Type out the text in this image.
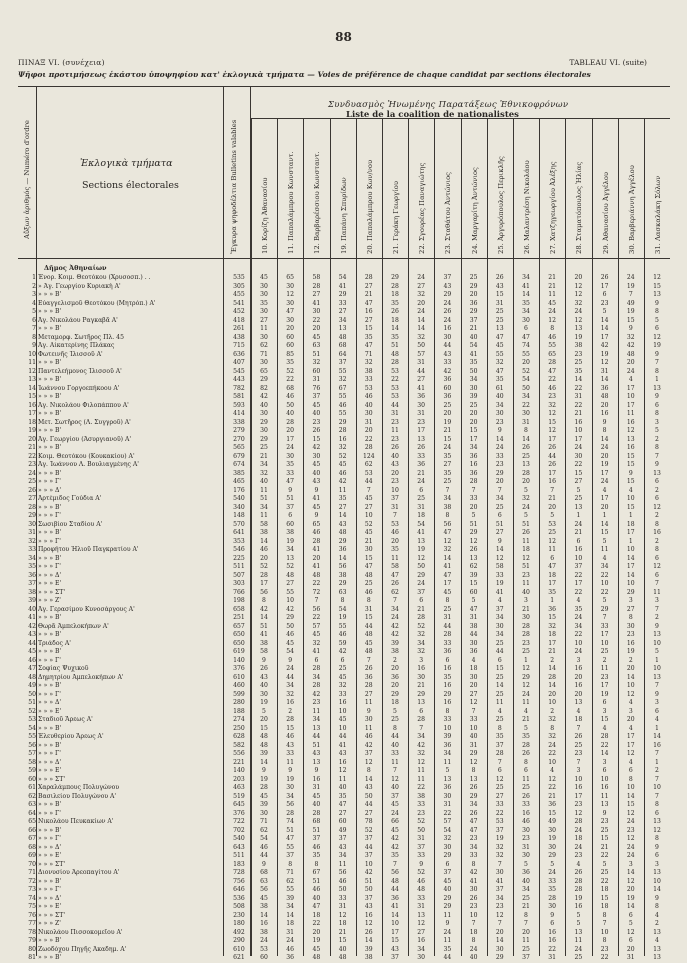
88
ΠΙΝΑΞ VI. (συνέχεια)	TABLEAU VI. (suite)
Ψῆφοι προτιμήσεως ἑκάστου ὑποψηφίου κατ' ἐκλογικὰ τμήματα — Voies de préférence de chaque candidat par sections électorales
Αὔξων ἀριθμός — Numéro d'ordre	Ἐκλογικὰ τμήματα
Sections électorales	Ἔγκυρα ψηφοδέλτια Bulletins valables
Συνδυασμὸς Ἡνωμένης Παρατάξεως Ἐθνικοφρόνων
Liste de la coalition de nationalistes
10. Κορίζη Ἀθανασίου	11. Παπαλάμπρου Κωνσταντ.	12. Βαρβαρέσσιου Κωνσταντ.	19. Παπάνη Σπυρίδων	20. Παπαλάμπρου Κων/νου	21. Γεράκη Γεωργίου	22. Σγουρέας Παναγιώτης	23. Σταθάτου Ἀντώνιος	24. Μαργαρίτη Ἀντώνιος	25. Ἀργυρόπουλος Περικλῆς	26. Μαλαντρέση Νικολάου	27. Χατζηγεωργίου Ἀλέξης	28. Σταματόπουλος Ἠλίας	29. Ἀθανασίου Ἀγγέλου	30. Βαρβεριάννη Ἀγγέλου	31. Λασκαλάκη Σόλων
Δῆμος Ἀθηναίων
1 Ἐνορ. Κοιμ. Θεοτόκου (Χρυσοσπ.) . .	535	45	65	58	54	28	29	24	37	25	26	34	21	20	26	24	12
2 » Ἀγ. Γεωργίου Κυριακὴ Α'	305	30	30	28	41	27	28	27	43	29	43	41	21	12	17	19	15
3 » » » Β'	455	30	12	27	29	21	18	32	29	20	15	14	11	12	6	7	13
4 Εὐαγγελισμοῦ Θεοτόκου (Μητρόπ.) Α'	541	35	30	41	33	47	35	20	24	36	31	35	45	32	23	49	9
5 » » » Β'	452	30	47	30	27	16	26	24	26	29	25	34	24	24	5	19	8
6 Ἀγ. Νικολάου Ραγκαβᾶ Α'	418	27	30	22	34	27	18	14	24	37	25	30	12	12	14	15	5
7 » » » Β'	261	11	20	20	13	15	14	14	16	21	13	6	8	13	14	9	6
8 Μεταμορφ. Σωτῆρος Πλ. 45	438	30	60	45	48	35	35	32	30	40	47	47	46	19	17	32	12
9 Ἀγ. Αἰκατερίνης Πλάκας	715	62	60	63	68	47	51	50	44	54	45	74	55	38	42	42	19
10 Φωτεινῆς Ἰλισσοῦ Α'	636	71	85	51	64	71	48	57	43	41	55	55	65	23	19	48	9
11 » » » Β'	407	30	35	32	37	32	28	31	33	35	32	20	28	25	12	20	7
12 Παντελεήμονος Ἰλισσοῦ Α'	545	65	52	60	55	38	53	44	42	50	47	52	47	35	31	24	8
13 » » » Β'	443	29	22	31	32	33	22	27	36	34	35	54	22	14	14	4	1
14 Ἰωάννου Γοργοεπήκοου Α'	782	82	68	76	67	53	53	41	60	30	61	50	46	22	36	17	13
15 » » » Β'	581	42	46	37	55	46	53	36	36	39	40	34	23	31	48	10	9
16 Ἀγ. Νικολάου Φιλοπάππου Α'	593	40	50	45	46	40	44	30	25	25	34	22	32	22	20	17	6
17 » » » Β'	414	30	40	40	55	30	31	31	20	20	30	30	12	21	16	11	8
18 Μετ. Σωτῆρος (Λ. Συγγροῦ) Α'	338	29	28	23	29	31	23	23	19	20	23	31	15	16	9	16	3
19 » » » Β'	279	30	20	26	28	20	11	17	21	15	9	8	12	10	8	12	5
20 Ἀγ. Γεωργίου (Ἀσυργιανοῦ) Α'	270	29	17	15	16	22	23	13	15	17	14	14	17	17	14	13	2
21 » » » Β'	565	25	24	42	32	28	26	26	24	34	24	26	26	24	24	16	8
22 Κοιμ. Θεοτόκου (Κουκακίου) Α'	679	21	30	30	52	124	40	33	35	36	33	25	44	30	20	15	7
23 Ἀγ. Ἰωάννου Λ. Βουλιαγμένης Α'	674	34	35	45	45	62	43	36	27	16	23	13	26	22	19	15	9
24 » » » Β'	385	32	33	40	46	53	20	21	35	36	29	28	17	15	17	9	13
25 » » » Γ'	465	40	47	43	42	44	23	24	25	28	20	20	16	27	24	15	6
26 » » » Δ'	176	11	9	9	11	7	10	6	7	7	7	5	7	5	4	4	2
27 Ἀρτέμιδος Γούδια Α'	540	51	51	41	35	45	37	25	34	33	34	32	21	25	17	10	6
28 » » » Β'	340	34	37	45	27	27	31	31	38	20	25	24	20	13	20	15	12
29 » » » Γ'	148	11	6	9	14	10	7	18	8	5	6	5	5	1	1	1	2
30 Σωσιβίου Σταδίου Α'	570	58	60	65	43	52	53	54	56	51	51	51	53	24	14	18	8
31 » » » Β'	641	38	38	46	48	45	46	41	47	29	27	26	25	21	15	17	16
32 » » » Γ'	353	14	19	28	29	21	20	13	12	12	9	11	12	6	5	1	2
33 Προφήτου Ἠλιοῦ Παγκρατίου Α'	546	46	34	41	36	30	35	19	32	26	14	18	11	16	11	10	8
34 » » » Β'	225	20	13	20	14	15	11	12	14	13	12	12	6	10	4	14	6
35 » » » Γ'	511	52	52	41	56	47	58	50	41	62	58	51	47	37	34	17	12
36 » » » Δ'	507	28	48	48	38	48	47	29	47	39	33	23	18	22	22	14	6
37 » » » Ε'	303	17	27	22	29	25	26	24	17	15	19	11	17	17	10	10	7
38 » » » ΣΤ'	766	56	55	72	63	46	62	37	45	60	41	40	35	22	22	29	11
39 » » » Ζ'	198	8	10	7	8	8	7	6	8	5	4	3	1	4	5	3	3
40 Ἀγ. Γερασίμου Κυνοσάργους Α'	658	42	42	56	54	31	34	21	25	47	37	21	36	35	29	27	7
41 » » » Β'	251	14	29	22	19	15	24	28	31	31	34	30	15	24	7	8	2
42 Θωρᾶ Ἀμπελοκήπων Α'	657	51	50	57	55	44	42	52	44	38	30	28	32	34	33	30	9
43 » » » Β'	650	41	46	45	46	48	42	32	28	44	34	28	18	22	17	23	13
44 Τριάδος Α'	650	38	45	32	59	45	39	34	33	30	25	23	17	10	10	16	10
45 » » » Β'	619	58	54	41	42	48	38	32	36	36	44	25	21	24	25	19	5
46 » » » Γ'	140	9	9	6	6	7	2	3	6	4	6	1	2	3	2	2	1
47 Σοφίας Ψυχικοῦ	376	26	24	28	25	26	20	16	16	18	15	12	14	16	11	20	10
48 Δημητρίου Ἀμπελοκήπων Α'	610	43	44	34	45	36	36	30	35	30	25	29	28	20	23	14	13
49 » » » Β'	460	40	34	28	32	28	20	21	16	20	14	12	14	16	17	10	7
50 » » » Γ'	599	30	32	42	33	27	29	29	29	27	25	24	20	20	19	12	9
51 » » » Δ'	280	19	16	23	16	11	18	13	16	12	11	11	10	13	6	4	3
52 » » » Ε'	188	5	2	11	10	9	5	6	8	7	4	4	2	4	3	3	6
53 Σταδιοῦ Ἄρεως Α'	274	20	28	34	45	30	25	28	33	33	25	21	32	18	15	20	4
54 » » » Β'	250	15	15	13	10	11	8	7	10	10	8	5	8	7	4	4	1
55 Ἐλευθερίου Ἄρεως Α'	628	48	46	44	44	46	44	34	39	40	35	35	32	26	28	17	14
56 » » » Β'	582	48	43	51	41	42	40	42	36	31	37	28	24	25	22	17	16
57 » » » Γ'	556	39	33	43	43	37	33	32	34	29	28	26	22	23	14	12	7
58 » » » Δ'	221	14	11	13	16	12	11	12	11	12	7	8	10	7	3	4	1
59 » » » Ε'	140	9	9	9	12	8	7	11	5	8	6	6	4	3	6	6	2
60 » » » ΣΤ'	203	19	19	16	11	14	12	11	13	13	12	11	12	10	10	8	7
61 Χαραλάμπους Πολυγώνου	463	28	30	31	40	43	40	22	36	26	25	25	22	16	16	10	10
62 Βασιλείου Πολυγώνου Α'	519	45	34	45	35	50	37	38	30	29	27	26	21	17	11	14	7
63 » » » Β'	645	39	56	40	47	44	45	33	31	34	33	33	36	23	13	15	8
64 » » » Γ'	376	30	28	28	27	27	24	23	22	26	22	16	15	12	9	12	6
65 Νικολάου Πευκακίων Α'	722	71	74	68	60	78	66	52	57	47	53	46	49	28	23	24	13
66 » » » Β'	702	62	51	51	49	52	45	50	54	47	37	30	30	24	25	23	12
67 » » » Γ'	540	54	47	37	37	37	42	31	32	23	19	23	19	18	15	12	8
68 » » » Δ'	643	46	55	46	43	44	42	37	30	34	32	31	30	24	21	24	9
69 » » » Ε'	511	44	37	35	34	37	35	33	29	33	32	30	29	23	22	24	6
70 » » » ΣΤ'	183	9	8	8	11	10	7	9	6	8	7	5	5	4	5	3	3
71 Διονυσίου Ἀρεοπαγίτου Α'	728	68	71	67	56	42	56	52	37	42	30	36	24	26	25	14	13
72 » » » Β'	756	63	62	51	46	51	48	46	45	41	41	40	33	28	22	12	10
73 » » » Γ'	646	56	55	46	50	50	44	48	40	30	37	34	35	28	18	20	14
74 » » » Δ'	536	45	39	40	33	37	36	33	29	26	34	25	28	19	15	19	9
75 » » » Ε'	508	38	34	47	31	43	41	31	29	23	23	21	30	16	18	14	8
76 » » » ΣΤ'	230	14	14	18	12	16	14	13	11	10	12	8	9	5	8	6	4
77 » » » Ζ'	180	16	18	22	18	12	10	12	9	7	7	7	6	5	7	5	2
78 Νικολάου Πισσοκομεῖου Α'	492	38	31	20	21	26	17	27	24	18	20	20	16	13	10	12	13
79 » » » Β'	290	24	24	19	15	14	15	16	11	8	14	11	16	11	8	6	4
80 Ζωοδόχου Πηγῆς Ἀκαδημ. Α'	610	53	46	45	40	39	43	34	35	24	30	25	22	24	23	20	13
81 » » » Β'	621	60	36	48	48	38	37	30	44	40	29	37	31	25	22	31	13
